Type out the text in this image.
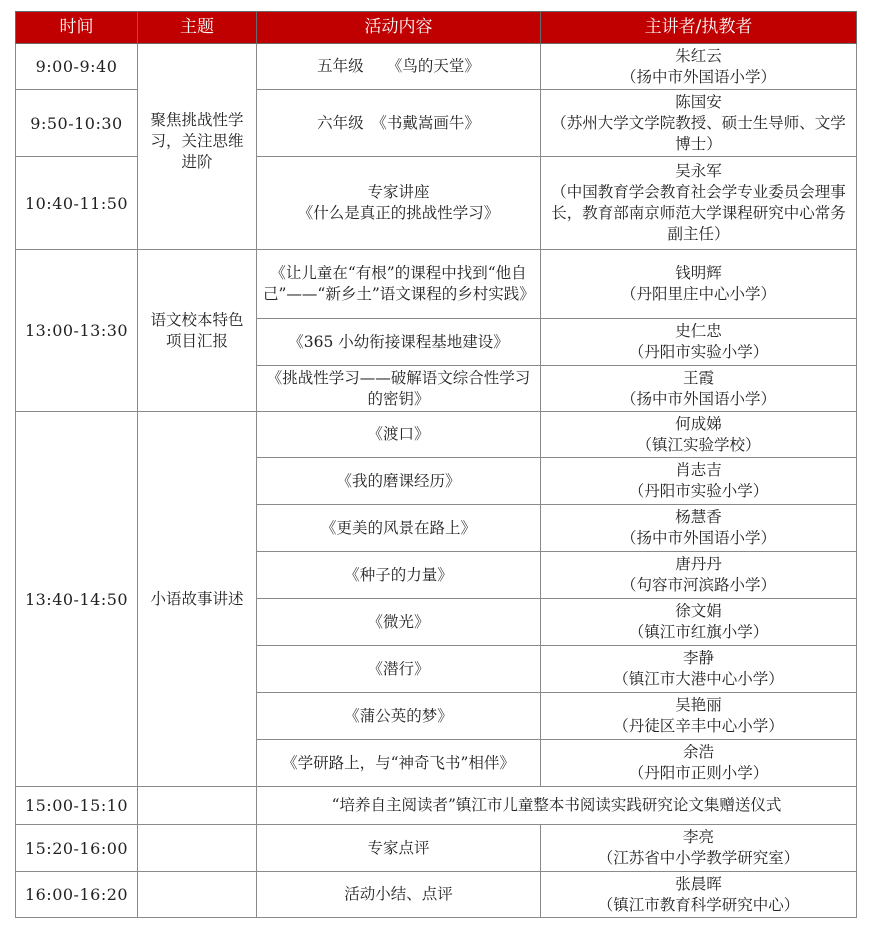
时间	主题	活动内容	主讲者/执教者
9:00-9:40	聚焦挑战性学习，关注思维进阶	五年级　　《鸟的天堂》	朱红云
（扬中市外国语小学）

9:50-10:30		六年级　《书戴嵩画牛》	陈国安
（苏州大学文学院教授、硕士生导师、文学博士）

10:40-11:50		专家讲座
《什么是真正的挑战性学习》	吴永军
（中国教育学会教育社会学专业委员会理事长，教育部南京师范大学课程研究中心常务副主任）

13:00-13:30	语文校本特色项目汇报	《让儿童在“有根”的课程中找到“他自己”——“新乡土”语文课程的乡村实践》	钱明辉
（丹阳里庄中心小学）

		《365 小幼衔接课程基地建设》	史仁忠
（丹阳市实验小学）

		《挑战性学习——破解语文综合性学习的密钥》	王霞
（扬中市外国语小学）

13:40-14:50	小语故事讲述	《渡口》	何成娣
（镇江实验学校）

		《我的磨课经历》	肖志吉
（丹阳市实验小学）

		《更美的风景在路上》	杨慧香
（扬中市外国语小学）

		《种子的力量》	唐丹丹
（句容市河滨路小学）

		《微光》	徐文娟
（镇江市红旗小学）

		《潜行》	李静
（镇江市大港中心小学）

		《蒲公英的梦》	吴艳丽
（丹徒区辛丰中心小学）

		《学研路上，与“神奇飞书”相伴》	余浩
（丹阳市正则小学）

15:00-15:10		“培养自主阅读者”镇江市儿童整本书阅读实践研究论文集赠送仪式	
15:20-16:00		专家点评	李亮
（江苏省中小学教学研究室）

16:00-16:20		活动小结、点评	张晨晖
（镇江市教育科学研究中心）
